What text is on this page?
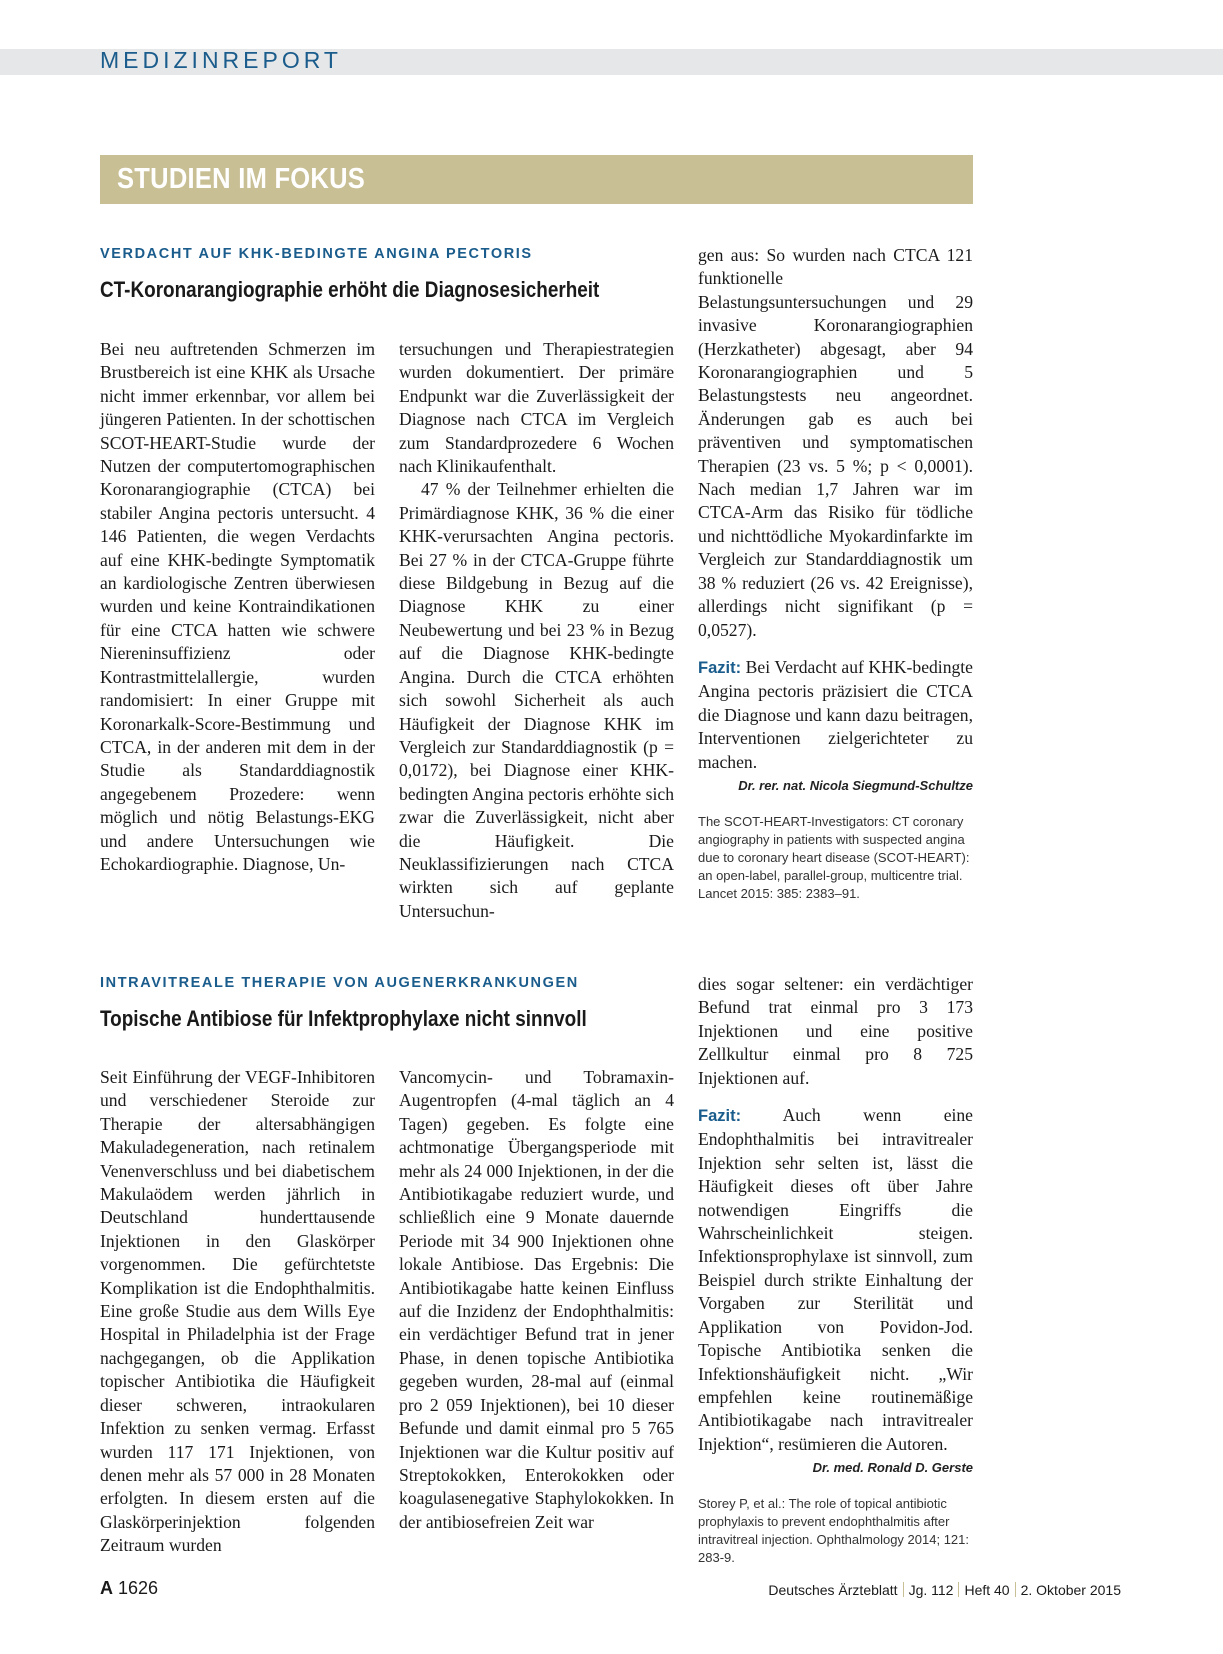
MEDIZINREPORT
STUDIEN IM FOKUS
VERDACHT AUF KHK-BEDINGTE ANGINA PECTORIS
CT-Koronarangiographie erhöht die Diagnosesicherheit

Bei neu auftretenden Schmerzen im Brustbereich ist eine KHK als Ursache nicht immer erkennbar, vor allem bei jüngeren Patienten. In der schottischen SCOT-HEART-Studie wurde der Nutzen der computertomographischen Koronarangiographie (CTCA) bei stabiler Angina pectoris untersucht. 4 146 Patienten, die wegen Verdachts auf eine KHK-bedingte Symptomatik an kardiologische Zentren überwiesen wurden und keine Kontraindikationen für eine CTCA hatten wie schwere Niereninsuffizienz oder Kontrastmittelallergie, wurden randomisiert: In einer Gruppe mit Koronarkalk-Score-Bestimmung und CTCA, in der anderen mit dem in der Studie als Standarddiagnostik angegebenem Prozedere: wenn möglich und nötig Belastungs-EKG und andere Untersuchungen wie Echokardiographie. Diagnose, Un-

tersuchungen und Therapiestrategien wurden dokumentiert. Der primäre Endpunkt war die Zuverlässigkeit der Diagnose nach CTCA im Vergleich zum Standardprozedere 6 Wochen nach Klinikaufenthalt.

47 % der Teilnehmer erhielten die Primärdiagnose KHK, 36 % die einer KHK-verursachten Angina pectoris. Bei 27 % in der CTCA-Gruppe führte diese Bildgebung in Bezug auf die Diagnose KHK zu einer Neubewertung und bei 23 % in Bezug auf die Diagnose KHK-bedingte Angina. Durch die CTCA erhöhten sich sowohl Sicherheit als auch Häufigkeit der Diagnose KHK im Vergleich zur Standarddiagnostik (p = 0,0172), bei Diagnose einer KHK-bedingten Angina pectoris erhöhte sich zwar die Zuverlässigkeit, nicht aber die Häufigkeit. Die Neuklassifizierungen nach CTCA wirkten sich auf geplante Untersuchun-

gen aus: So wurden nach CTCA 121 funktionelle Belastungsuntersuchungen und 29 invasive Koronarangiographien (Herzkatheter) abgesagt, aber 94 Koronarangiographien und 5 Belastungstests neu angeordnet. Änderungen gab es auch bei präventiven und symptomatischen Therapien (23 vs. 5 %; p < 0,0001). Nach median 1,7 Jahren war im CTCA-Arm das Risiko für tödliche und nichttödliche Myokardinfarkte im Vergleich zur Standarddiagnostik um 38 % reduziert (26 vs. 42 Ereignisse), allerdings nicht signifikant (p = 0,0527).

Fazit: Bei Verdacht auf KHK-bedingte Angina pectoris präzisiert die CTCA die Diagnose und kann dazu beitragen, Interventionen zielgerichteter zu machen.

Dr. rer. nat. Nicola Siegmund-Schultze
The SCOT-HEART-Investigators: CT coronary angiography in patients with suspected angina due to coronary heart disease (SCOT-HEART): an open-label, parallel-group, multicentre trial. Lancet 2015: 385: 2383–91.
INTRAVITREALE THERAPIE VON AUGENERKRANKUNGEN
Topische Antibiose für Infektprophylaxe nicht sinnvoll

Seit Einführung der VEGF-Inhibitoren und verschiedener Steroide zur Therapie der altersabhängigen Makuladegeneration, nach retinalem Venenverschluss und bei diabetischem Makulaödem werden jährlich in Deutschland hunderttausende Injektionen in den Glaskörper vorgenommen. Die gefürchtetste Komplikation ist die Endophthalmitis. Eine große Studie aus dem Wills Eye Hospital in Philadelphia ist der Frage nachgegangen, ob die Applikation topischer Antibiotika die Häufigkeit dieser schweren, intraokularen Infektion zu senken vermag. Erfasst wurden 117 171 Injektionen, von denen mehr als 57 000 in 28 Monaten erfolgten. In diesem ersten auf die Glaskörperinjektion folgenden Zeitraum wurden

Vancomycin- und Tobramaxin-Augentropfen (4-mal täglich an 4 Tagen) gegeben. Es folgte eine achtmonatige Übergangsperiode mit mehr als 24 000 Injektionen, in der die Antibiotikagabe reduziert wurde, und schließlich eine 9 Monate dauernde Periode mit 34 900 Injektionen ohne lokale Antibiose. Das Ergebnis: Die Antibiotikagabe hatte keinen Einfluss auf die Inzidenz der Endophthalmitis: ein verdächtiger Befund trat in jener Phase, in denen topische Antibiotika gegeben wurden, 28-mal auf (einmal pro 2 059 Injektionen), bei 10 dieser Befunde und damit einmal pro 5 765 Injektionen war die Kultur positiv auf Streptokokken, Enterokokken oder koagulasenegative Staphylokokken. In der antibiosefreien Zeit war

dies sogar seltener: ein verdächtiger Befund trat einmal pro 3 173 Injektionen und eine positive Zellkultur einmal pro 8 725 Injektionen auf.

Fazit: Auch wenn eine Endophthalmitis bei intravitrealer Injektion sehr selten ist, lässt die Häufigkeit dieses oft über Jahre notwendigen Eingriffs die Wahrscheinlichkeit steigen. Infektionsprophylaxe ist sinnvoll, zum Beispiel durch strikte Einhaltung der Vorgaben zur Sterilität und Applikation von Povidon-Jod. Topische Antibiotika senken die Infektionshäufigkeit nicht. „Wir empfehlen keine routinemäßige Antibiotikagabe nach intravitrealer Injektion“, resümieren die Autoren.

Dr. med. Ronald D. Gerste
Storey P, et al.: The role of topical antibiotic prophylaxis to prevent endophthalmitis after intravitreal injection. Ophthalmology 2014; 121: 283-9.
A 1626	Deutsches Ärzteblatt Jg. 112 Heft 40 2. Oktober 2015
